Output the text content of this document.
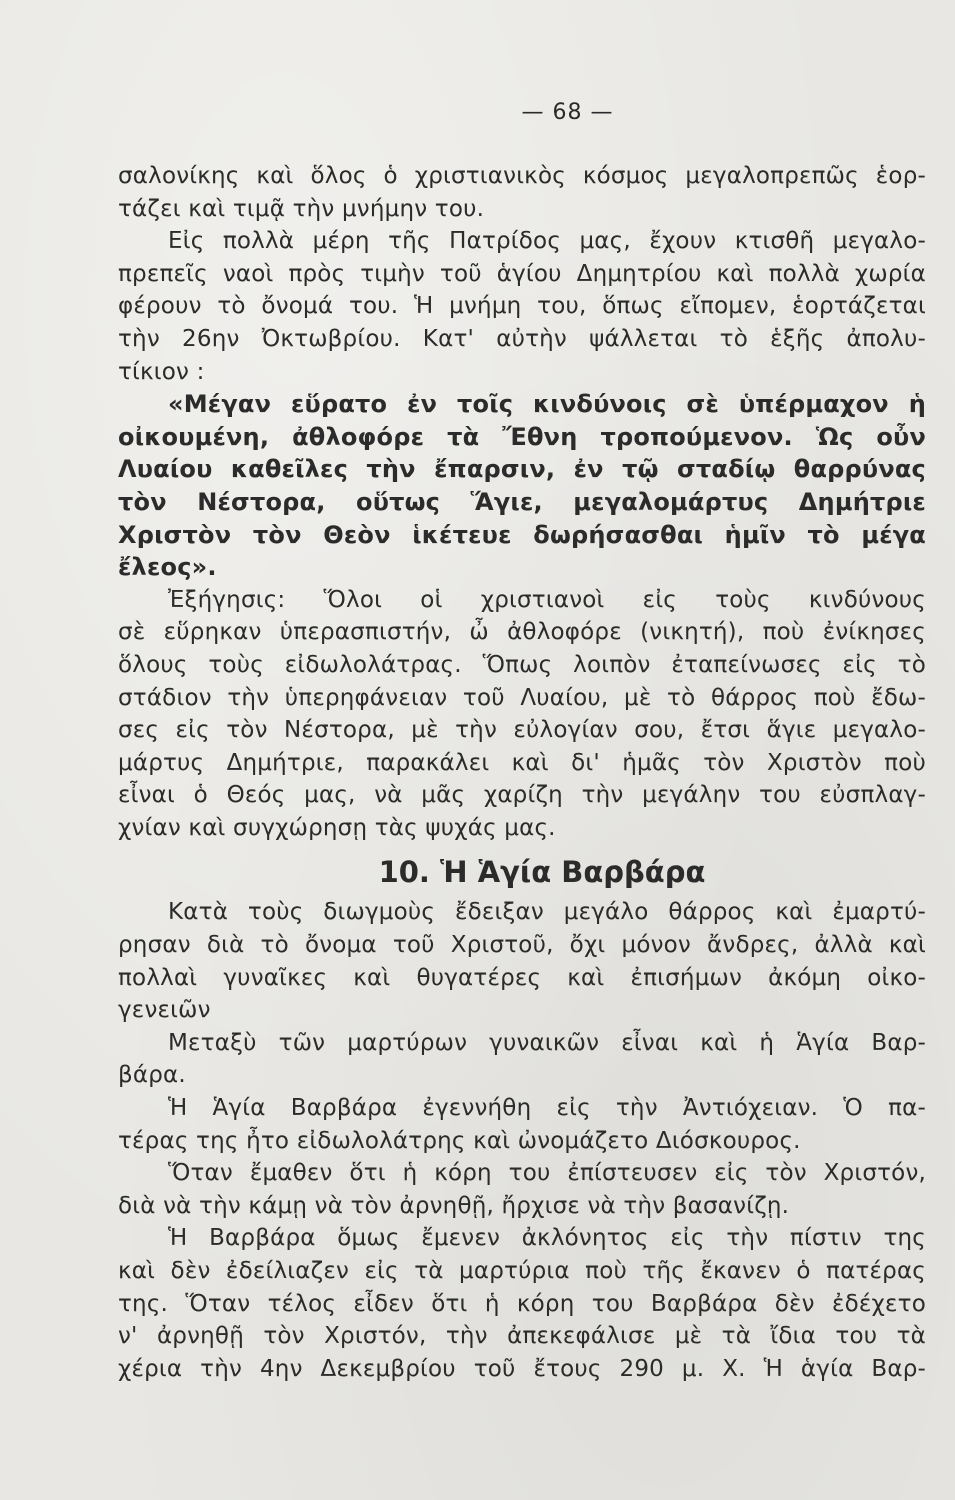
— 68 —
σαλονίκης καὶ ὅλος ὁ χριστιανικὸς κόσμος μεγαλοπρεπῶς ἑορ-
τάζει καὶ τιμᾷ τὴν μνήμην του.
Εἰς πολλὰ μέρη τῆς Πατρίδος μας, ἔχουν κτισθῆ μεγαλο-
πρεπεῖς ναοὶ πρὸς τιμὴν τοῦ ἁγίου Δημητρίου καὶ πολλὰ χωρία
φέρουν τὸ ὄνομά του. Ἡ μνήμη του, ὅπως εἴπομεν, ἑορτάζεται
τὴν 26ην Ὀκτωβρίου. Κατ' αὐτὴν ψάλλεται τὸ ἑξῆς ἀπολυ-
τίκιον :
«Μέγαν εὕρατο ἐν τοῖς κινδύνοις σὲ ὑπέρμαχον ἡ
οἰκουμένη, ἀθλοφόρε τὰ Ἔθνη τροπούμενον. Ὡς οὖν
Λυαίου καθεῖλες τὴν ἔπαρσιν, ἐν τῷ σταδίῳ θαρρύνας
τὸν Νέστορα, οὕτως Ἅγιε, μεγαλομάρτυς Δημήτριε
Χριστὸν τὸν Θεὸν ἱκέτευε δωρήσασθαι ἡμῖν τὸ μέγα
ἔλεος».
Ἐξήγησις: Ὅλοι οἱ χριστιανοὶ εἰς τοὺς κινδύνους
σὲ εὕρηκαν ὑπερασπιστήν, ὦ ἀθλοφόρε (νικητή), ποὺ ἐνίκησες
ὅλους τοὺς εἰδωλολάτρας. Ὅπως λοιπὸν ἐταπείνωσες εἰς τὸ
στάδιον τὴν ὑπερηφάνειαν τοῦ Λυαίου, μὲ τὸ θάρρος ποὺ ἔδω-
σες εἰς τὸν Νέστορα, μὲ τὴν εὐλογίαν σου, ἔτσι ἅγιε μεγαλο-
μάρτυς Δημήτριε, παρακάλει καὶ δι' ἡμᾶς τὸν Χριστὸν ποὺ
εἶναι ὁ Θεός μας, νὰ μᾶς χαρίζη τὴν μεγάλην του εὐσπλαγ-
χνίαν καὶ συγχώρησῃ τὰς ψυχάς μας.
10. Ἡ Ἁγία Βαρβάρα
Κατὰ τοὺς διωγμοὺς ἔδειξαν μεγάλο θάρρος καὶ ἐμαρτύ-
ρησαν διὰ τὸ ὄνομα τοῦ Χριστοῦ, ὄχι μόνον ἄνδρες, ἀλλὰ καὶ
πολλαὶ γυναῖκες καὶ θυγατέρες καὶ ἐπισήμων ἀκόμη οἰκο-
γενειῶν
Μεταξὺ τῶν μαρτύρων γυναικῶν εἶναι καὶ ἡ Ἁγία Βαρ-
βάρα.
Ἡ Ἁγία Βαρβάρα ἐγεννήθη εἰς τὴν Ἀντιόχειαν. Ὁ πα-
τέρας της ἦτο εἰδωλολάτρης καὶ ὠνομάζετο Διόσκουρος.
Ὅταν ἔμαθεν ὅτι ἡ κόρη του ἐπίστευσεν εἰς τὸν Χριστόν,
διὰ νὰ τὴν κάμῃ νὰ τὸν ἀρνηθῇ, ἤρχισε νὰ τὴν βασανίζῃ.
Ἡ Βαρβάρα ὅμως ἔμενεν ἀκλόνητος εἰς τὴν πίστιν της
καὶ δὲν ἐδείλιαζεν εἰς τὰ μαρτύρια ποὺ τῆς ἔκανεν ὁ πατέρας
της. Ὅταν τέλος εἶδεν ὅτι ἡ κόρη του Βαρβάρα δὲν ἐδέχετο
ν' ἀρνηθῇ τὸν Χριστόν, τὴν ἀπεκεφάλισε μὲ τὰ ἴδια του τὰ
χέρια τὴν 4ην Δεκεμβρίου τοῦ ἔτους 290 μ. Χ. Ἡ ἁγία Βαρ-
